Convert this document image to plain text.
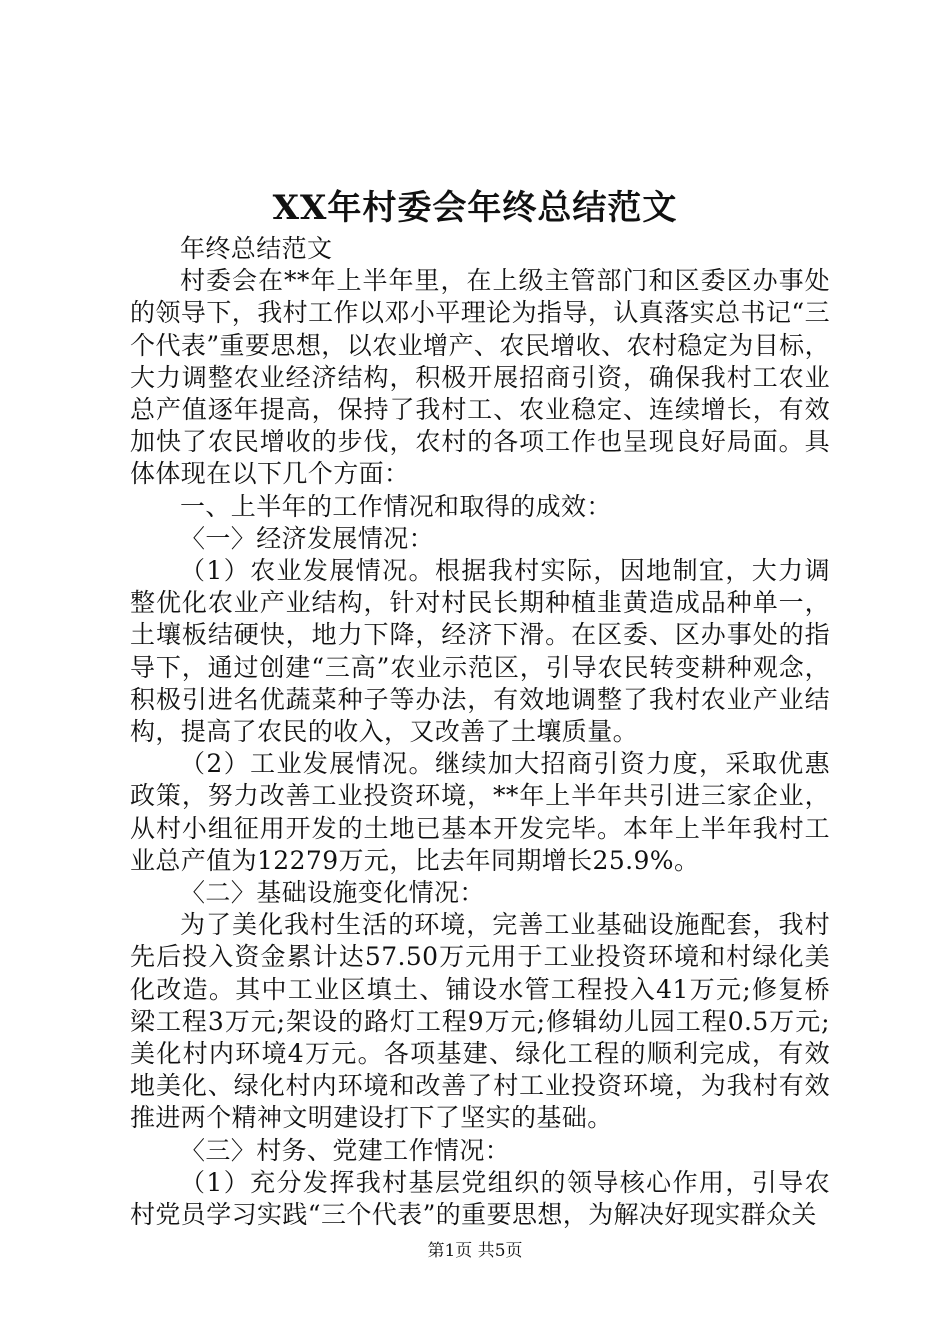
XX年村委会年终总结范文

年终总结范文

村委会在**年上半年里，在上级主管部门和区委区办事处的领导下，我村工作以邓小平理论为指导，认真落实总书记“三个代表”重要思想，以农业增产、农民增收、农村稳定为目标，大力调整农业经济结构，积极开展招商引资，确保我村工农业总产值逐年提高，保持了我村工、农业稳定、连续增长，有效加快了农民增收的步伐，农村的各项工作也呈现良好局面。具体体现在以下几个方面：

一、上半年的工作情况和取得的成效：

〈一〉经济发展情况：

（1）农业发展情况。根据我村实际，因地制宜，大力调整优化农业产业结构，针对村民长期种植韭黄造成品种单一，土壤板结硬快，地力下降，经济下滑。在区委、区办事处的指导下，通过创建“三高”农业示范区，引导农民转变耕种观念，积极引进名优蔬菜种子等办法，有效地调整了我村农业产业结构，提高了农民的收入，又改善了土壤质量。

（2）工业发展情况。继续加大招商引资力度，采取优惠政策，努力改善工业投资环境，**年上半年共引进三家企业，从村小组征用开发的土地已基本开发完毕。本年上半年我村工业总产值为12279万元，比去年同期增长25.9%。

〈二〉基础设施变化情况：

为了美化我村生活的环境，完善工业基础设施配套，我村先后投入资金累计达57.50万元用于工业投资环境和村绿化美化改造。其中工业区填土、铺设水管工程投入41万元;修复桥梁工程3万元;架设的路灯工程9万元;修辑幼儿园工程0.5万元;美化村内环境4万元。各项基建、绿化工程的顺利完成，有效地美化、绿化村内环境和改善了村工业投资环境，为我村有效推进两个精神文明建设打下了坚实的基础。

〈三〉村务、党建工作情况：

（1）充分发挥我村基层党组织的领导核心作用，引导农村党员学习实践“三个代表”的重要思想，为解决好现实群众关

第1页 共5页
